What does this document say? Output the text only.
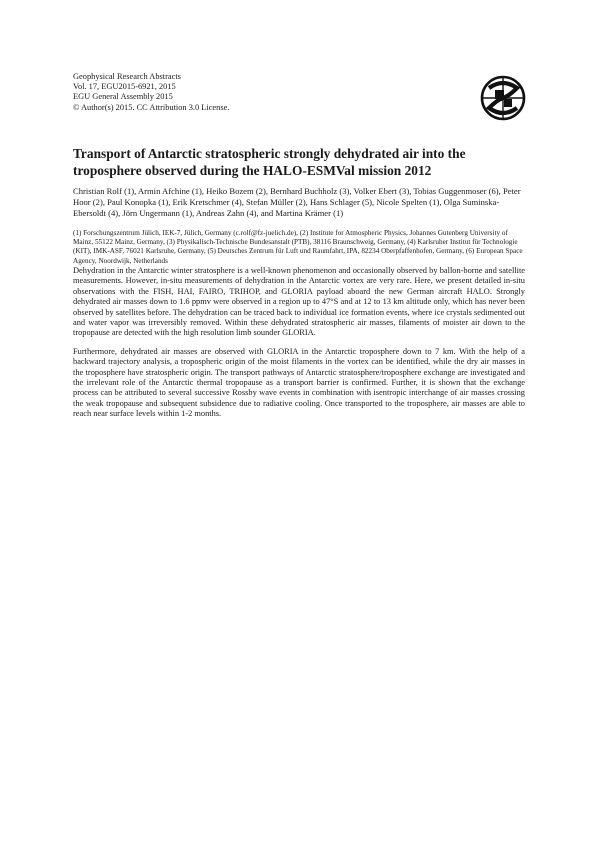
Geophysical Research Abstracts
Vol. 17, EGU2015-6921, 2015
EGU General Assembly 2015
© Author(s) 2015. CC Attribution 3.0 License.
Transport of Antarctic stratospheric strongly dehydrated air into the troposphere observed during the HALO-ESMVal mission 2012
Christian Rolf (1), Armin Afchine (1), Heiko Bozem (2), Bernhard Buchholz (3), Volker Ebert (3), Tobias Guggenmoser (6), Peter Hoor (2), Paul Konopka (1), Erik Kretschmer (4), Stefan Müller (2), Hans Schlager (5), Nicole Spelten (1), Olga Suminska-Ebersoldt (4), Jörn Ungermann (1), Andreas Zahn (4), and Martina Krämer (1)
(1) Forschungszentrum Jülich, IEK-7, Jülich, Germany (c.rolf@fz-juelich.de), (2) Institute for Atmospheric Physics, Johannes Gutenberg University of Mainz, 55122 Mainz, Germany, (3) Physikalisch-Technische Bundesanstalt (PTB), 38116 Braunschweig, Germany, (4) Karlsruher Institut für Technologie (KIT), IMK-ASF, 76021 Karlsruhe, Germany, (5) Deutsches Zentrum für Luft und Raumfahrt, IPA, 82234 Oberpfaffenhofen, Germany, (6) European Space Agency, Noordwijk, Netherlands

Dehydration in the Antarctic winter stratosphere is a well-known phenomenon and occasionally observed by ballon-borne and satellite measurements. However, in-situ measurements of dehydration in the Antarctic vortex are very rare. Here, we present detailed in-situ observations with the FISH, HAI, FAIRO, TRIHOP, and GLORIA payload aboard the new German aircraft HALO. Strongly dehydrated air masses down to 1.6 ppmv were observed in a region up to 47°S and at 12 to 13 km altitude only, which has never been observed by satellites before. The dehydration can be traced back to individual ice formation events, where ice crystals sedimented out and water vapor was irreversibly removed. Within these dehydrated stratospheric air masses, filaments of moister air down to the tropopause are detected with the high resolution limb sounder GLORIA.

Furthermore, dehydrated air masses are observed with GLORIA in the Antarctic troposphere down to 7 km. With the help of a backward trajectory analysis, a tropospheric origin of the moist filaments in the vortex can be identified, while the dry air masses in the troposphere have stratospheric origin. The transport pathways of Antarctic stratosphere/troposphere exchange are investigated and the irrelevant role of the Antarctic thermal tropopause as a transport barrier is confirmed. Further, it is shown that the exchange process can be attributed to several successive Rossby wave events in combination with isentropic interchange of air masses crossing the weak tropopause and subsequent subsidence due to radiative cooling. Once transported to the troposphere, air masses are able to reach near surface levels within 1-2 months.
